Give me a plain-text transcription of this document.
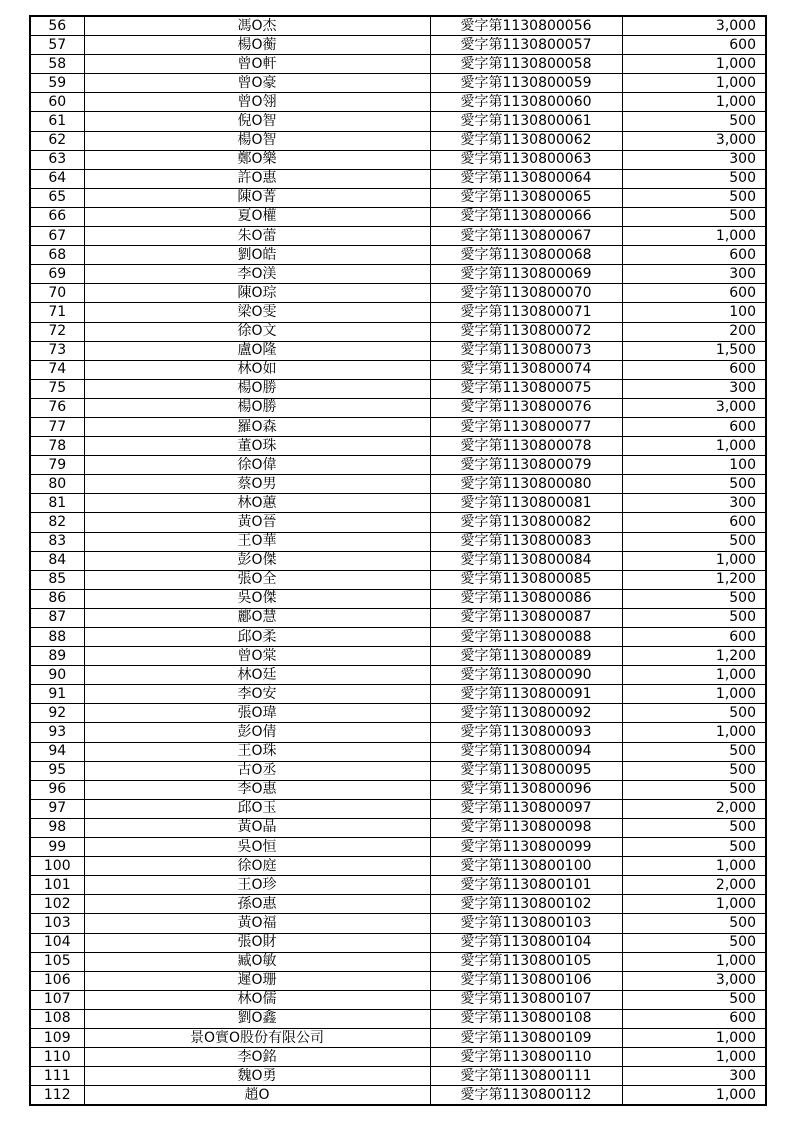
56	馮O杰	愛字第1130800056	3,000
57	楊O蘅	愛字第1130800057	600
58	曾O軒	愛字第1130800058	1,000
59	曾O豪	愛字第1130800059	1,000
60	曾O翎	愛字第1130800060	1,000
61	倪O智	愛字第1130800061	500
62	楊O智	愛字第1130800062	3,000
63	鄭O樂	愛字第1130800063	300
64	許O惠	愛字第1130800064	500
65	陳O菁	愛字第1130800065	500
66	夏O權	愛字第1130800066	500
67	朱O蕾	愛字第1130800067	1,000
68	劉O皓	愛字第1130800068	600
69	李O渼	愛字第1130800069	300
70	陳O琮	愛字第1130800070	600
71	梁O雯	愛字第1130800071	100
72	徐O文	愛字第1130800072	200
73	盧O隆	愛字第1130800073	1,500
74	林O如	愛字第1130800074	600
75	楊O勝	愛字第1130800075	300
76	楊O勝	愛字第1130800076	3,000
77	羅O森	愛字第1130800077	600
78	董O珠	愛字第1130800078	1,000
79	徐O偉	愛字第1130800079	100
80	蔡O男	愛字第1130800080	500
81	林O蕙	愛字第1130800081	300
82	黃O晉	愛字第1130800082	600
83	王O華	愛字第1130800083	500
84	彭O傑	愛字第1130800084	1,000
85	張O全	愛字第1130800085	1,200
86	吳O傑	愛字第1130800086	500
87	酈O慧	愛字第1130800087	500
88	邱O柔	愛字第1130800088	600
89	曾O棠	愛字第1130800089	1,200
90	林O廷	愛字第1130800090	1,000
91	李O安	愛字第1130800091	1,000
92	張O瑋	愛字第1130800092	500
93	彭O倩	愛字第1130800093	1,000
94	王O珠	愛字第1130800094	500
95	古O丞	愛字第1130800095	500
96	李O惠	愛字第1130800096	500
97	邱O玉	愛字第1130800097	2,000
98	黃O晶	愛字第1130800098	500
99	吳O恒	愛字第1130800099	500
100	徐O庭	愛字第1130800100	1,000
101	王O珍	愛字第1130800101	2,000
102	孫O惠	愛字第1130800102	1,000
103	黃O福	愛字第1130800103	500
104	張O財	愛字第1130800104	500
105	臧O敏	愛字第1130800105	1,000
106	遲O珊	愛字第1130800106	3,000
107	林O儒	愛字第1130800107	500
108	劉O鑫	愛字第1130800108	600
109	景O實O股份有限公司	愛字第1130800109	1,000
110	李O銘	愛字第1130800110	1,000
111	魏O勇	愛字第1130800111	300
112	趙O	愛字第1130800112	1,000
